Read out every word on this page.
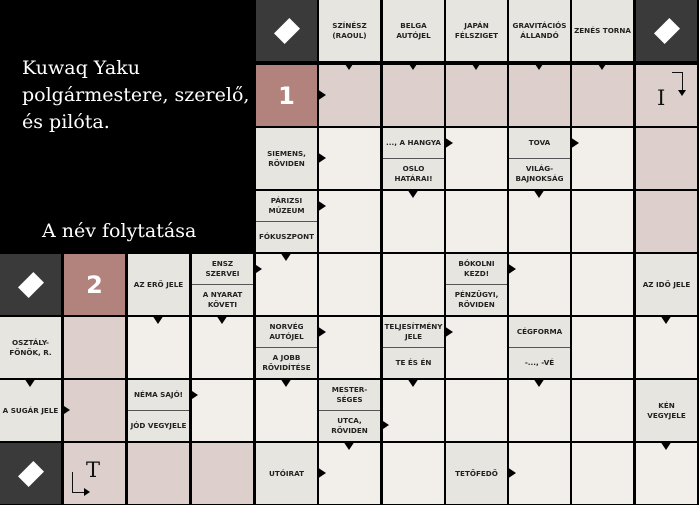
SZÍNÉSZ
(RAOUL)
BELGA
AUTÓJEL
JAPÁN
FÉLSZIGET
GRAVITÁCIÓS
ÁLLANDÓ
ZENÉS TORNA
1
SIEMENS,
RÖVIDEN
..., A HANGYA
OSLO
HATÁRAI!
TOVA
VILÁG-
BAJNOKSÁG
PÁRIZSI
MÚZEUM
FÓKUSZPONT
2	AZ ERŐ JELE
ENSZ SZERVEI
A NYARAT
KÖVETI
BÓKOLNI
KEZD!
PÉNZÜGYI,
RÖVIDEN
AZ IDŐ JELE
OSZTÁLY-
FŐNÖK, R.
NORVÉG
AUTÓJEL
A JOBB
RÖVIDÍTÉSE
TELJESÍTMÉNY
JELE
TE ÉS ÉN
CÉGFORMA
-..., -VÉ
A SUGÁR JELE
NÉMA SAJÓ!
JÓD VEGYJELE
MESTER-
SÉGES
UTCA,
RÖVIDEN
KÉN VEGYJELE
UTÓIRAT	TETŐFEDŐ
I
T
Kuwaq Yaku
polgármestere, szerelő,
és pilóta.
A név folytatása
